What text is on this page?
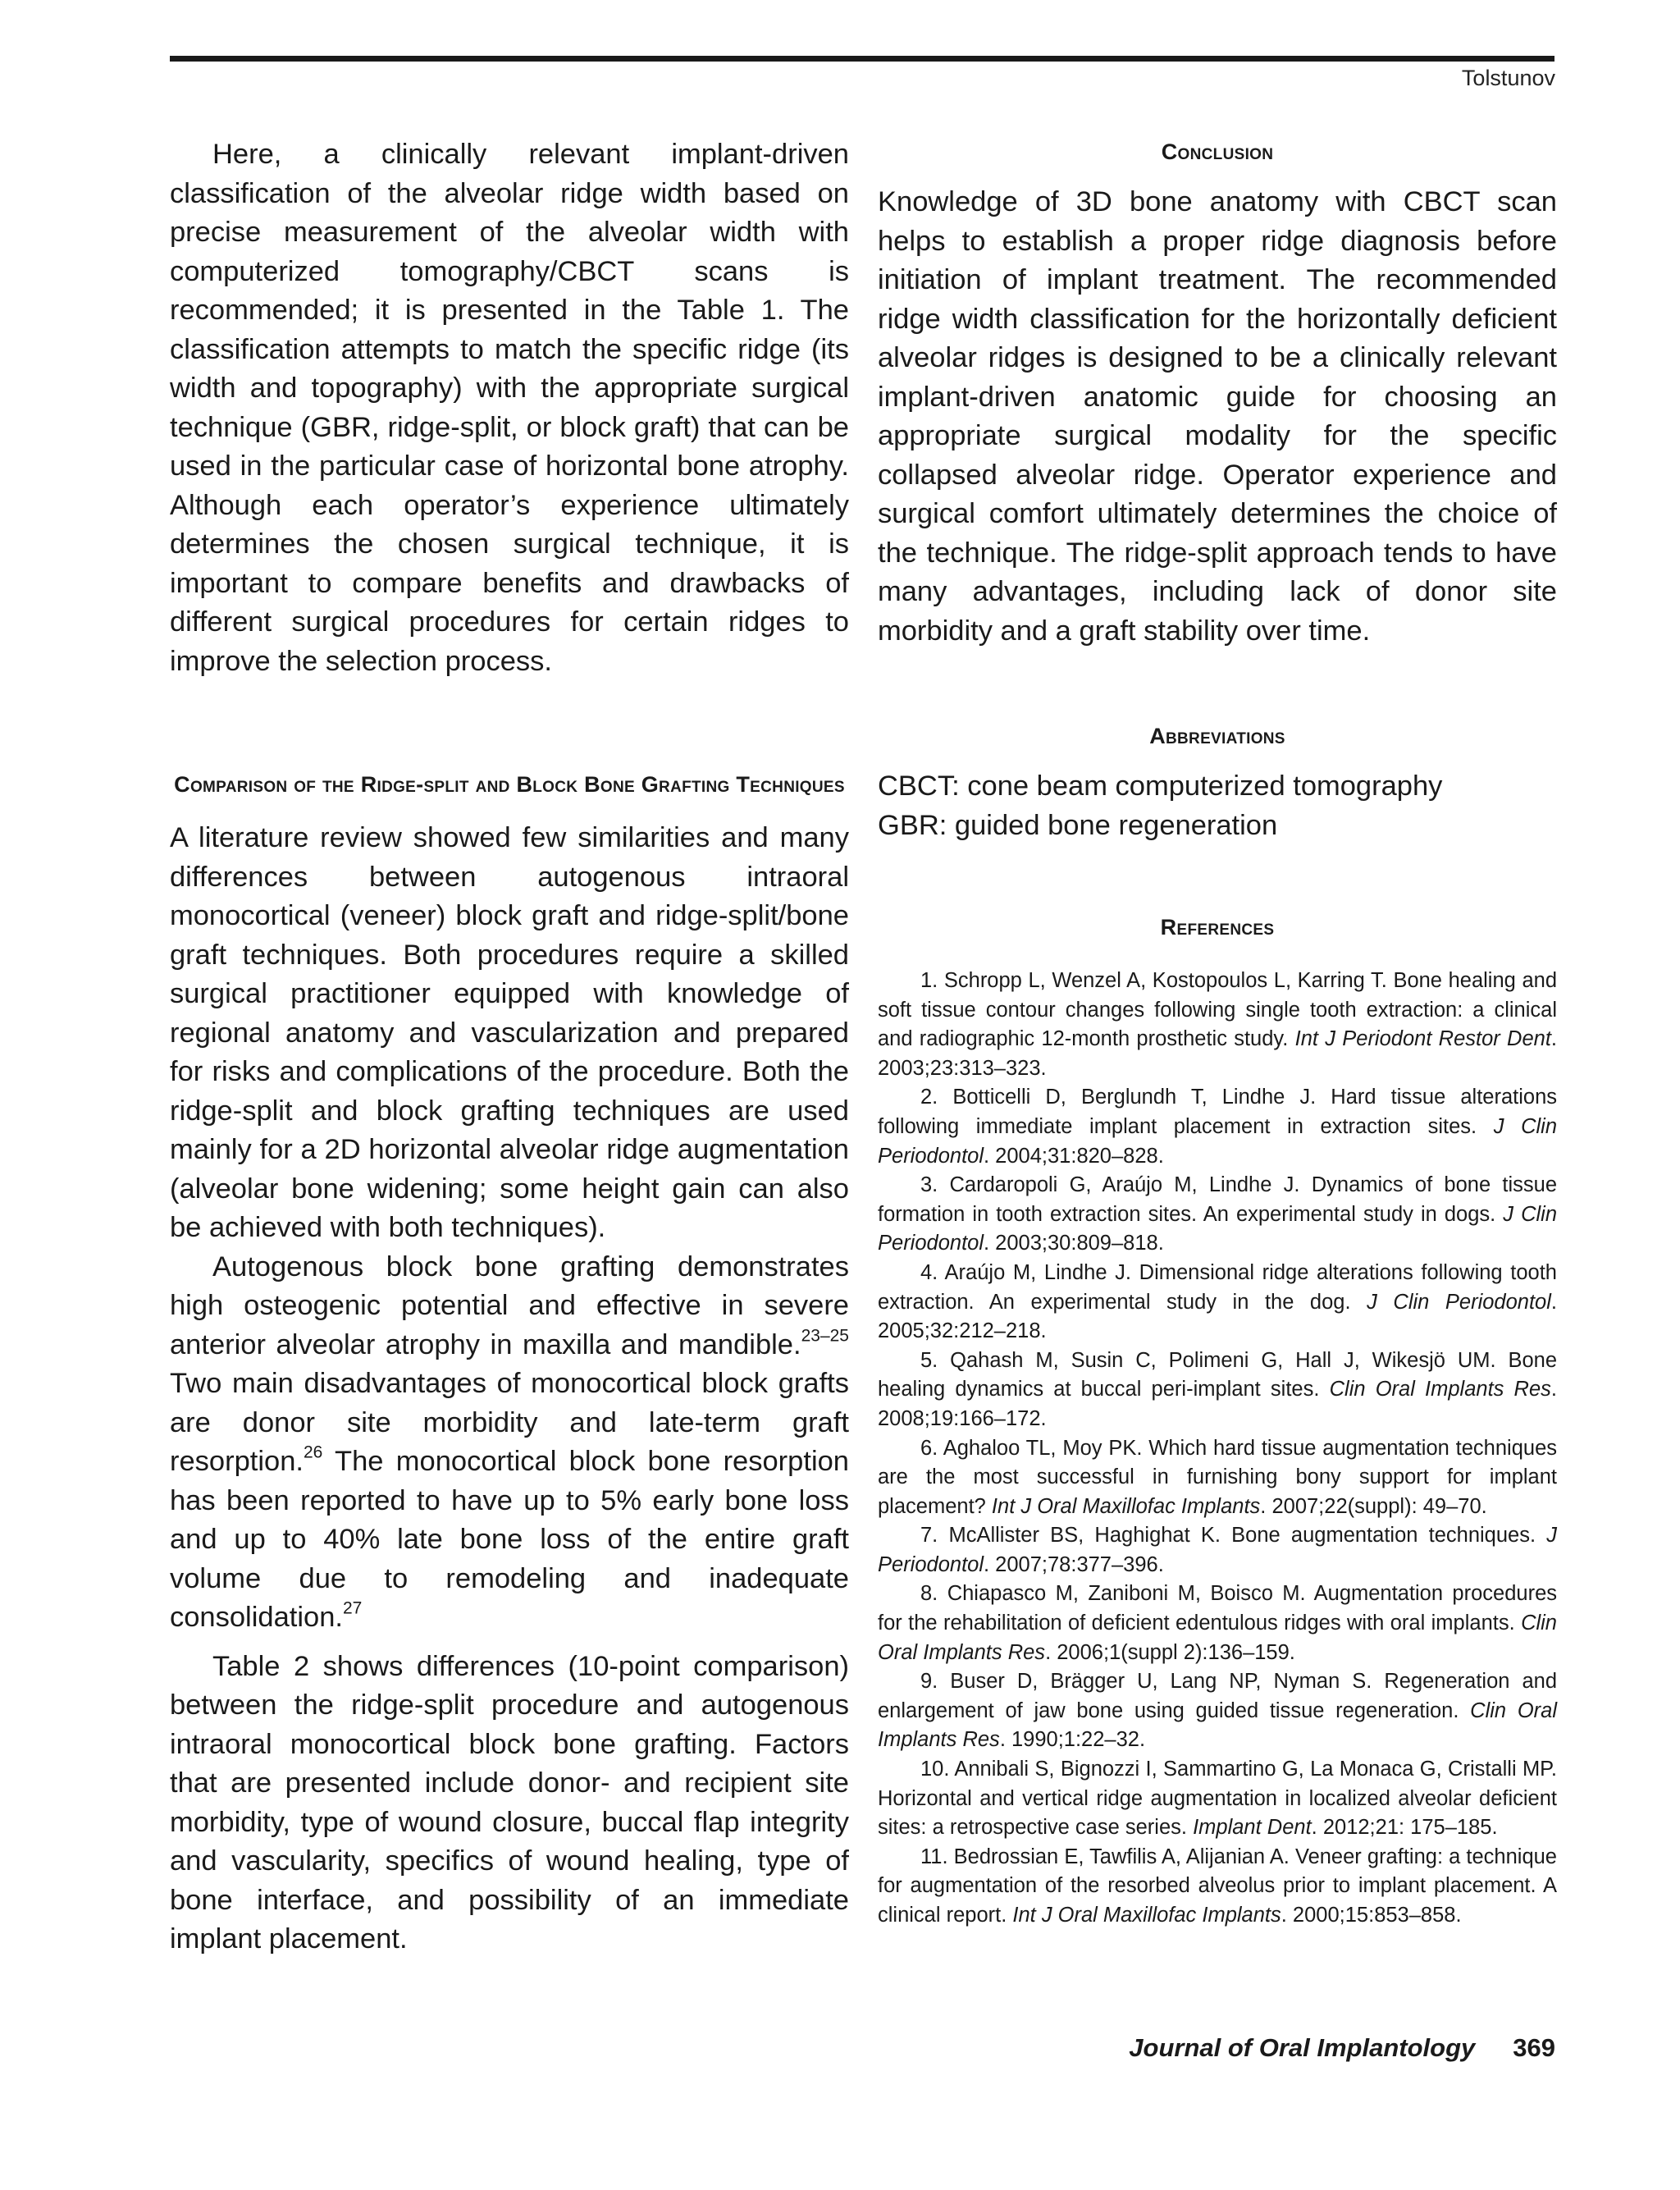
Tolstunov

Here, a clinically relevant implant-driven classification of the alveolar ridge width based on precise measurement of the alveolar width with computerized tomography/CBCT scans is recommended; it is presented in the Table 1. The classification attempts to match the specific ridge (its width and topography) with the appropriate surgical technique (GBR, ridge-split, or block graft) that can be used in the particular case of horizontal bone atrophy. Although each operator’s experience ultimately determines the chosen surgical technique, it is important to compare benefits and drawbacks of different surgical procedures for certain ridges to improve the selection process.

Comparison of the Ridge-split and Block Bone Grafting Techniques

A literature review showed few similarities and many differences between autogenous intraoral monocortical (veneer) block graft and ridge-split/bone graft techniques. Both procedures require a skilled surgical practitioner equipped with knowledge of regional anatomy and vascularization and prepared for risks and complications of the procedure. Both the ridge-split and block grafting techniques are used mainly for a 2D horizontal alveolar ridge augmentation (alveolar bone widening; some height gain can also be achieved with both techniques).

Autogenous block bone grafting demonstrates high osteogenic potential and effective in severe anterior alveolar atrophy in maxilla and mandible.$^{23-25}$ Two main disadvantages of monocortical block grafts are donor site morbidity and late-term graft resorption.$^{26}$ The monocortical block bone resorption has been reported to have up to 5% early bone loss and up to 40% late bone loss of the entire graft volume due to remodeling and inadequate consolidation.$^{27}$

Table 2 shows differences (10-point comparison) between the ridge-split procedure and autogenous intraoral monocortical block bone grafting. Factors that are presented include donor- and recipient site morbidity, type of wound closure, buccal flap integrity and vascularity, specifics of wound healing, type of bone interface, and possibility of an immediate implant placement.

Conclusion

Knowledge of 3D bone anatomy with CBCT scan helps to establish a proper ridge diagnosis before initiation of implant treatment. The recommended ridge width classification for the horizontally deficient alveolar ridges is designed to be a clinically relevant implant-driven anatomic guide for choosing an appropriate surgical modality for the specific collapsed alveolar ridge. Operator experience and surgical comfort ultimately determines the choice of the technique. The ridge-split approach tends to have many advantages, including lack of donor site morbidity and a graft stability over time.

Abbreviations

CBCT: cone beam computerized tomography

GBR: guided bone regeneration

References

1. Schropp L, Wenzel A, Kostopoulos L, Karring T. Bone healing and soft tissue contour changes following single tooth extraction: a clinical and radiographic 12-month prosthetic study. Int J Periodont Restor Dent. 2003;23:313–323.

2. Botticelli D, Berglundh T, Lindhe J. Hard tissue alterations following immediate implant placement in extraction sites. J Clin Periodontol. 2004;31:820–828.

3. Cardaropoli G, Araújo M, Lindhe J. Dynamics of bone tissue formation in tooth extraction sites. An experimental study in dogs. J Clin Periodontol. 2003;30:809–818.

4. Araújo M, Lindhe J. Dimensional ridge alterations following tooth extraction. An experimental study in the dog. J Clin Periodontol. 2005;32:212–218.

5. Qahash M, Susin C, Polimeni G, Hall J, Wikesjö UM. Bone healing dynamics at buccal peri-implant sites. Clin Oral Implants Res. 2008;19:166–172.

6. Aghaloo TL, Moy PK. Which hard tissue augmentation techniques are the most successful in furnishing bony support for implant placement? Int J Oral Maxillofac Implants. 2007;22(suppl): 49–70.

7. McAllister BS, Haghighat K. Bone augmentation techniques. J Periodontol. 2007;78:377–396.

8. Chiapasco M, Zaniboni M, Boisco M. Augmentation procedures for the rehabilitation of deficient edentulous ridges with oral implants. Clin Oral Implants Res. 2006;1(suppl 2):136–159.

9. Buser D, Brägger U, Lang NP, Nyman S. Regeneration and enlargement of jaw bone using guided tissue regeneration. Clin Oral Implants Res. 1990;1:22–32.

10. Annibali S, Bignozzi I, Sammartino G, La Monaca G, Cristalli MP. Horizontal and vertical ridge augmentation in localized alveolar deficient sites: a retrospective case series. Implant Dent. 2012;21: 175–185.

11. Bedrossian E, Tawfilis A, Alijanian A. Veneer grafting: a technique for augmentation of the resorbed alveolus prior to implant placement. A clinical report. Int J Oral Maxillofac Implants. 2000;15:853–858.

Journal of Oral Implantology 369
